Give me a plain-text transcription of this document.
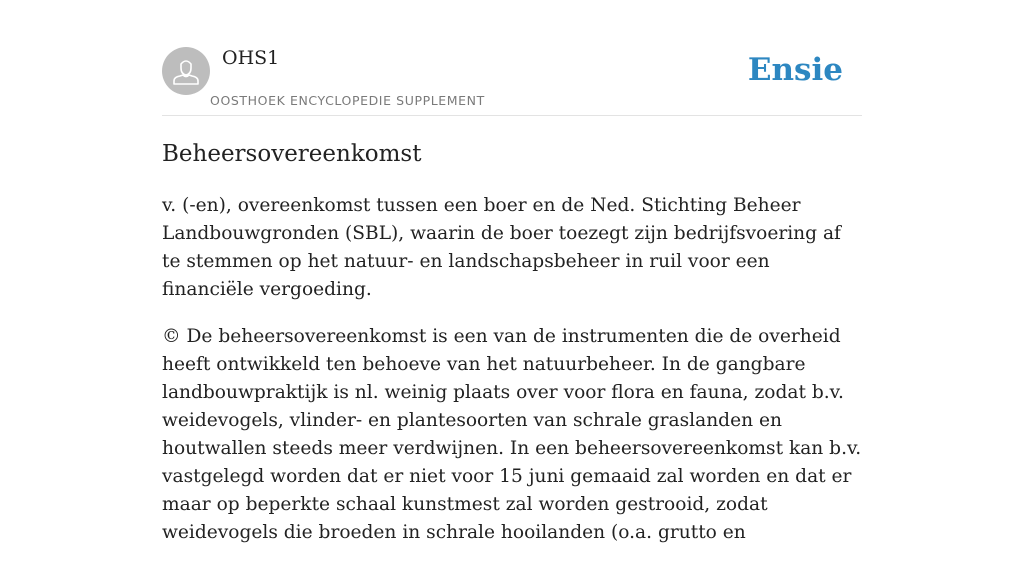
OHS1
OOSTHOEK ENCYCLOPEDIE SUPPLEMENT
Ensie
Beheersovereenkomst

v. (-en), overeenkomst tussen een boer en de Ned. Stichting Beheer Landbouwgronden (SBL), waarin de boer toezegt zijn bedrijfsvoering af te stemmen op het natuur- en landschapsbeheer in ruil voor een financiële vergoeding.

© De beheersovereenkomst is een van de instrumenten die de overheid heeft ontwikkeld ten behoeve van het natuurbeheer. In de gangbare landbouwpraktijk is nl. weinig plaats over voor flora en fauna, zodat b.v. weidevogels, vlinder- en plantesoorten van schrale graslanden en houtwallen steeds meer verdwijnen. In een beheersovereenkomst kan b.v. vastgelegd worden dat er niet voor 15 juni gemaaid zal worden en dat er maar op beperkte schaal kunstmest zal worden gestrooid, zodat weidevogels die broeden in schrale hooilanden (o.a. grutto en
